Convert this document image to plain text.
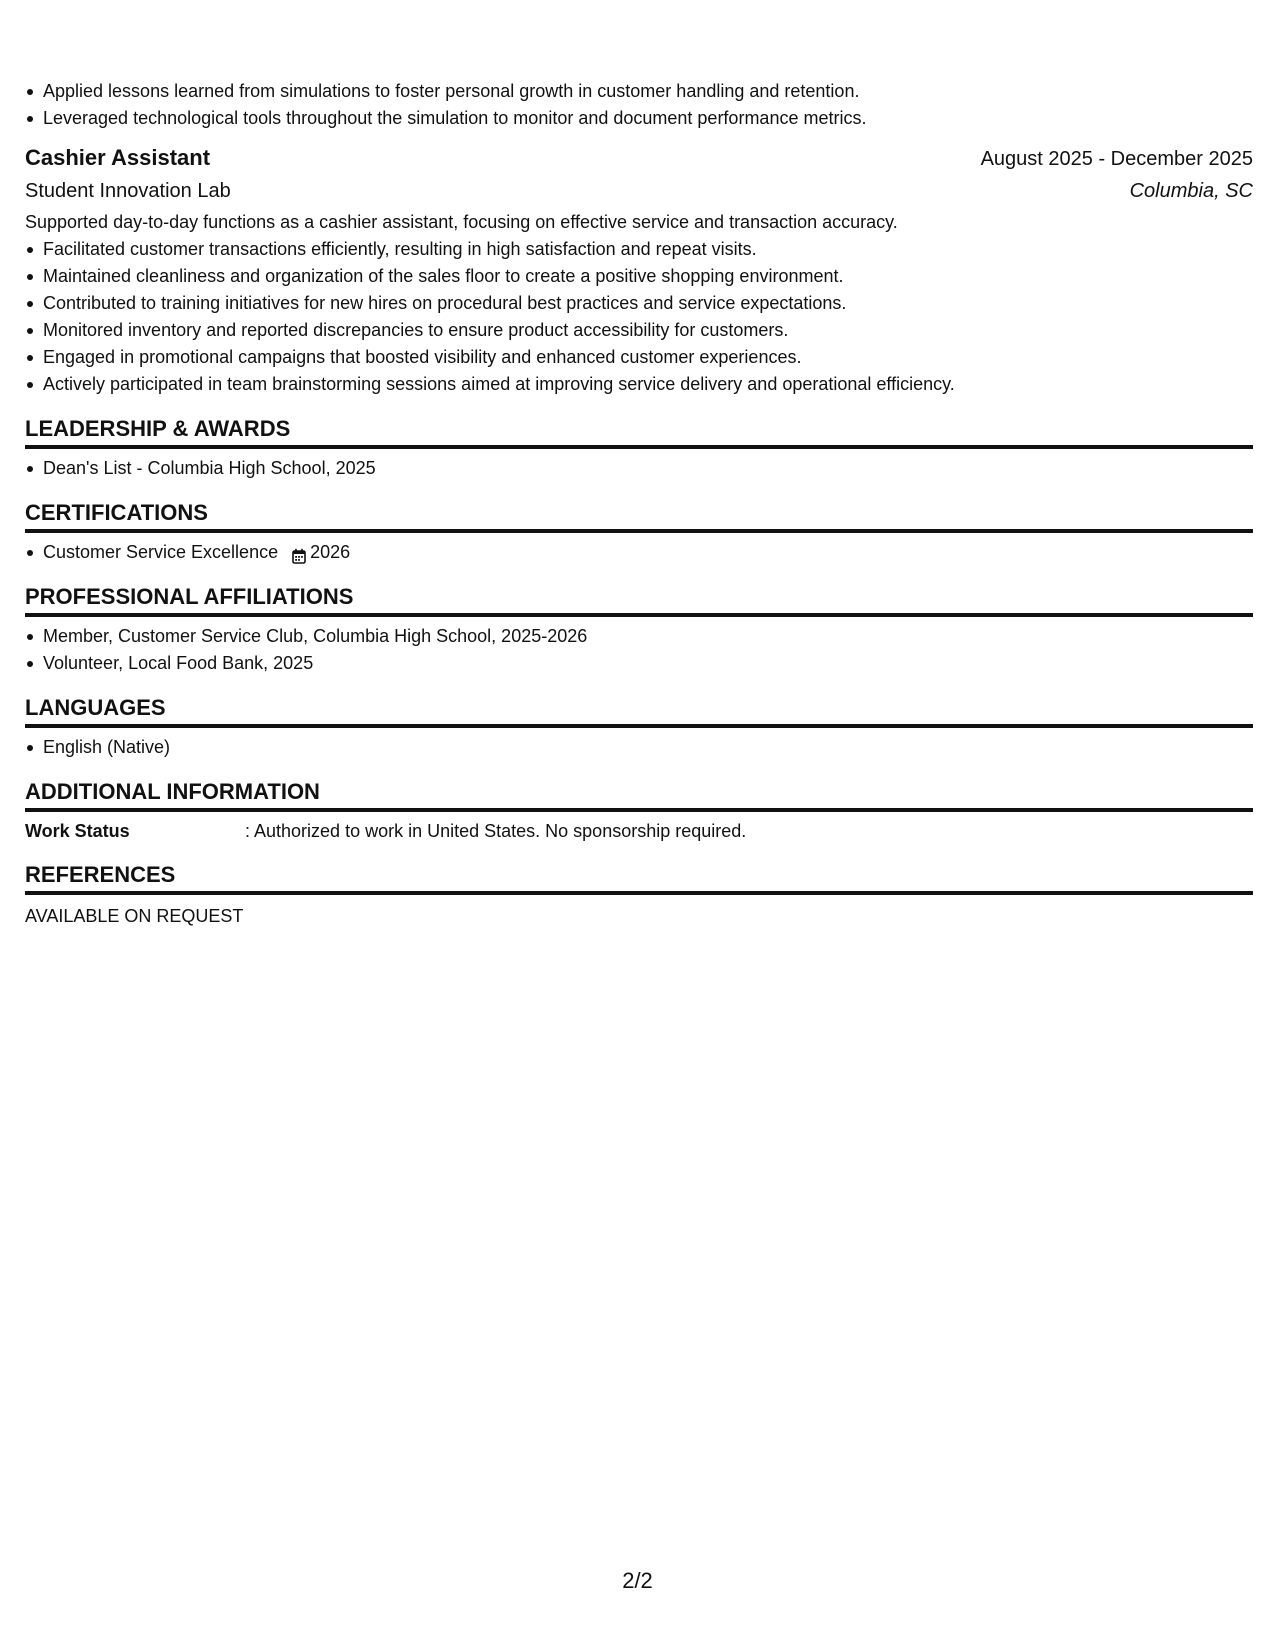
Applied lessons learned from simulations to foster personal growth in customer handling and retention.
Leveraged technological tools throughout the simulation to monitor and document performance metrics.
Cashier Assistant	August 2025 - December 2025
Student Innovation Lab	Columbia, SC
Supported day-to-day functions as a cashier assistant, focusing on effective service and transaction accuracy.
Facilitated customer transactions efficiently, resulting in high satisfaction and repeat visits.
Maintained cleanliness and organization of the sales floor to create a positive shopping environment.
Contributed to training initiatives for new hires on procedural best practices and service expectations.
Monitored inventory and reported discrepancies to ensure product accessibility for customers.
Engaged in promotional campaigns that boosted visibility and enhanced customer experiences.
Actively participated in team brainstorming sessions aimed at improving service delivery and operational efficiency.
LEADERSHIP & AWARDS
Dean's List - Columbia High School, 2025
CERTIFICATIONS
Customer Service Excellence 2026
PROFESSIONAL AFFILIATIONS
Member, Customer Service Club, Columbia High School, 2025-2026
Volunteer, Local Food Bank, 2025
LANGUAGES
English (Native)
ADDITIONAL INFORMATION
Work Status	: Authorized to work in United States. No sponsorship required.
REFERENCES
AVAILABLE ON REQUEST
2/2
